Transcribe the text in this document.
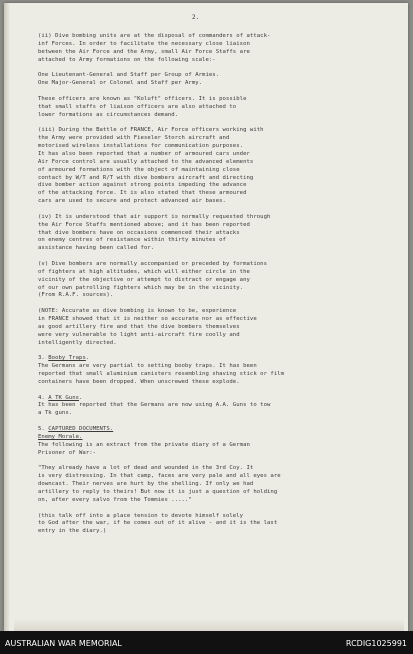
2.

(ii) Dive bombing units are at the disposal of commanders of attack-

inf Forces. In order to facilitate the necessary close liaison

between the Air Force and the Army, small Air Force Staffs are

attached to Army formations on the following scale:-

One Lieutenant-General and Staff per Group of Armies.

One Major-General or Colonel and Staff per Army.

These officers are known as "Koluft" officers. It is possible

that small staffs of liaison officers are also attached to

lower formations as circumstances demand.

(iii) During the Battle of FRANCE, Air Force officers working with

the Army were provided with Fieseler Storch aircraft and

motorised wireless installations for communication purposes.

It has also been reported that a number of armoured cars under

Air Force control are usually attached to the advanced elements

of armoured formations with the object of maintaining close

contact by W/T and R/T with dive bombers aircraft and directing

dive bomber action against strong points impeding the advance

of the attacking force. It is also stated that these armoured

cars are used to secure and protect advanced air bases.

(iv) It is understood that air support is normally requested through

the Air Force Staffs mentioned above; and it has been reported

that dive bombers have on occasions commenced their attacks

on enemy centres of resistance within thirty minutes of

assistance having been called for.

(v) Dive bombers are normally accompanied or preceded by formations

of fighters at high altitudes, which will either circle in the

vicinity of the objective or attempt to distract or engage any

of our own patrolling fighters which may be in the vicinity.

(From R.A.F. sources).

(NOTE: Accurate as dive bombing is known to be, experience

in FRANCE showed that it is neither so accurate nor as effective

as good artillery fire and that the dive bombers themselves

were very vulnerable to light anti-aircraft fire coolly and

intelligently directed.

3. Booby Traps.

The Germans are very partial to setting booby traps. It has been

reported that small aluminium canisters resembling shaving stick or film

containers have been dropped. When unscrewed these explode.

4. A TK Guns.

It has been reported that the Germans are now using A.A. Guns to tow

a Tk guns.

5. CAPTURED DOCUMENTS.

Enemy Morale.

The following is an extract from the private diary of a German

Prisoner of War:-

"They already have a lot of dead and wounded in the 3rd Coy. It

is very distressing. In that camp, faces are very pale and all eyes are

downcast. Their nerves are hurt by the shelling. If only we had

artillery to reply to theirs! But now it is just a question of holding

on, after every salvo from the Tommies ....."

(this talk off into a place tension to devote himself solely

to God after the war, if he comes out of it alive - and it is the last

entry in the diary.)

AUSTRALIAN WAR MEMORIAL	RCDIG1025991
